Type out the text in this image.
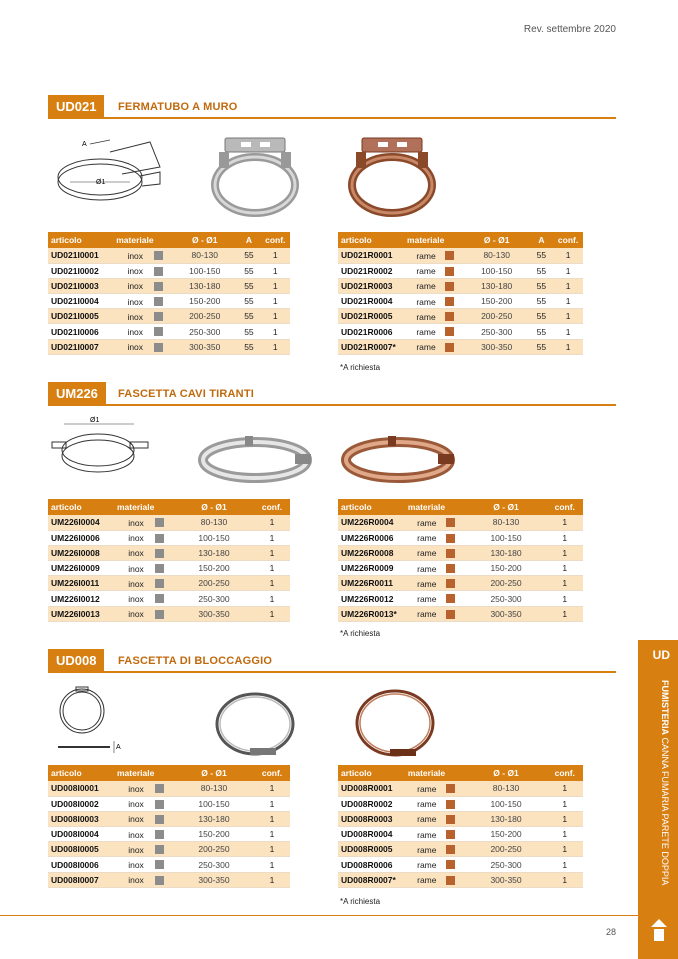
Rev. settembre 2020
UD021	FERMATUBO A MURO
A
Ø1
articolo	materiale	Ø - Ø1	A	conf.
UD021I0001	inox	80-130	55	1
UD021I0002	inox	100-150	55	1
UD021I0003	inox	130-180	55	1
UD021I0004	inox	150-200	55	1
UD021I0005	inox	200-250	55	1
UD021I0006	inox	250-300	55	1
UD021I0007	inox	300-350	55	1
articolo	materiale	Ø - Ø1	A	conf.
UD021R0001	rame	80-130	55	1
UD021R0002	rame	100-150	55	1
UD021R0003	rame	130-180	55	1
UD021R0004	rame	150-200	55	1
UD021R0005	rame	200-250	55	1
UD021R0006	rame	250-300	55	1
UD021R0007*	rame	300-350	55	1
*A richiesta
UM226	FASCETTA CAVI TIRANTI
Ø1
articolo	materiale	Ø - Ø1	conf.
UM226I0004	inox	80-130	1
UM226I0006	inox	100-150	1
UM226I0008	inox	130-180	1
UM226I0009	inox	150-200	1
UM226I0011	inox	200-250	1
UM226I0012	inox	250-300	1
UM226I0013	inox	300-350	1
articolo	materiale	Ø - Ø1	conf.
UM226R0004	rame	80-130	1
UM226R0006	rame	100-150	1
UM226R0008	rame	130-180	1
UM226R0009	rame	150-200	1
UM226R0011	rame	200-250	1
UM226R0012	rame	250-300	1
UM226R0013*	rame	300-350	1
*A richiesta
UD008	FASCETTA DI BLOCCAGGIO
A
articolo	materiale	Ø - Ø1	conf.
UD008I0001	inox	80-130	1
UD008I0002	inox	100-150	1
UD008I0003	inox	130-180	1
UD008I0004	inox	150-200	1
UD008I0005	inox	200-250	1
UD008I0006	inox	250-300	1
UD008I0007	inox	300-350	1
articolo	materiale	Ø - Ø1	conf.
UD008R0001	rame	80-130	1
UD008R0002	rame	100-150	1
UD008R0003	rame	130-180	1
UD008R0004	rame	150-200	1
UD008R0005	rame	200-250	1
UD008R0006	rame	250-300	1
UD008R0007*	rame	300-350	1
*A richiesta
UD
FUMISTERIA CANNA FUMARIA PARETE DOPPIA
28
